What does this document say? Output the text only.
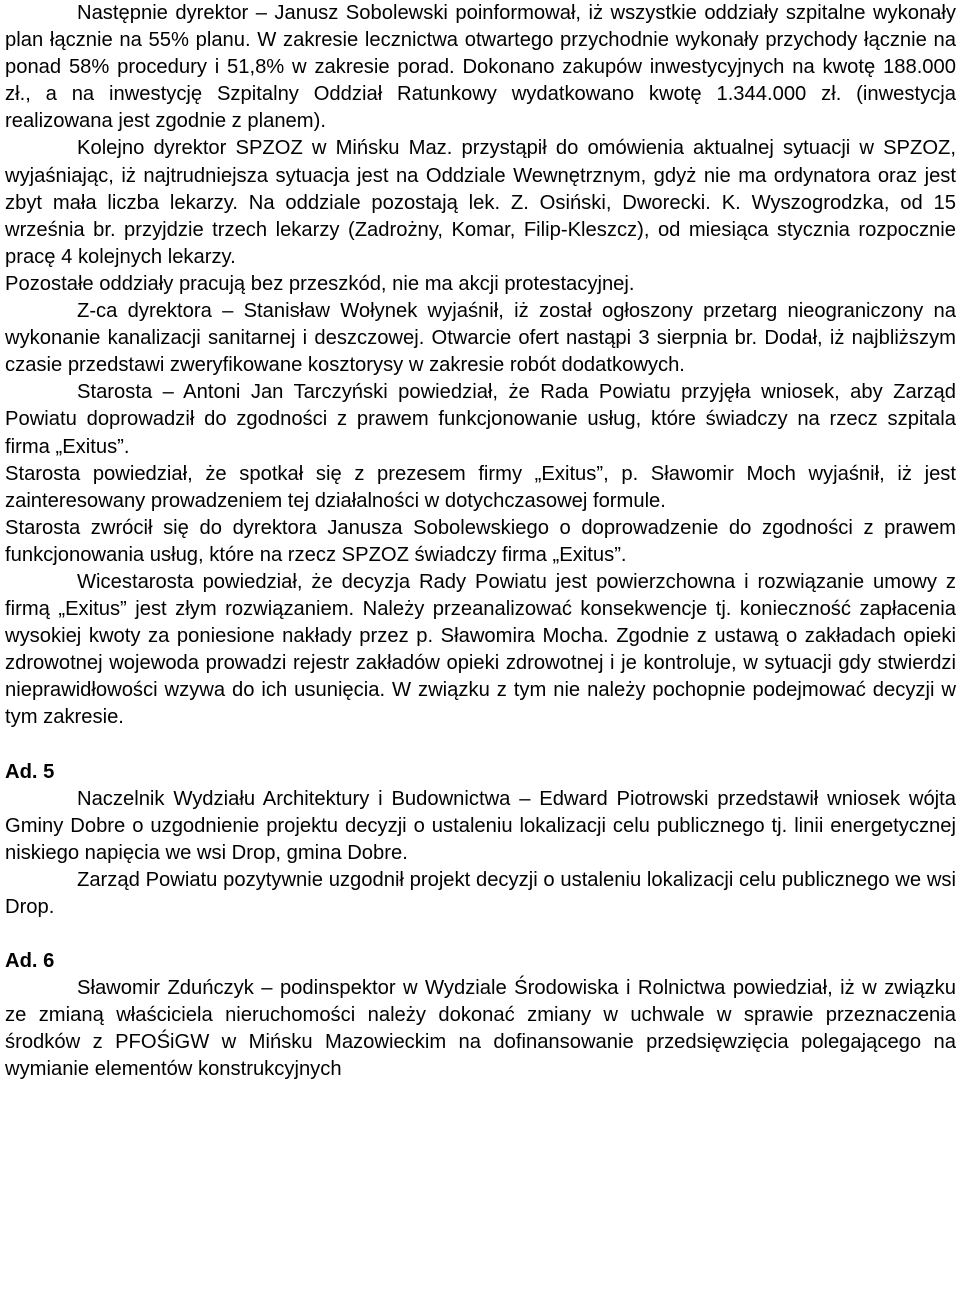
Następnie dyrektor – Janusz Sobolewski poinformował, iż wszystkie oddziały szpitalne wykonały plan łącznie na 55% planu. W zakresie lecznictwa otwartego przychodnie wykonały przychody łącznie na ponad 58% procedury i 51,8% w zakresie porad. Dokonano zakupów inwestycyjnych na kwotę 188.000 zł., a na inwestycję Szpitalny Oddział Ratunkowy wydatkowano kwotę 1.344.000 zł. (inwestycja realizowana jest zgodnie z planem).

Kolejno dyrektor SPZOZ w Mińsku Maz. przystąpił do omówienia aktualnej sytuacji w SPZOZ, wyjaśniając, iż najtrudniejsza sytuacja jest na Oddziale Wewnętrznym, gdyż nie ma ordynatora oraz jest zbyt mała liczba lekarzy. Na oddziale pozostają lek. Z. Osiński, Dworecki. K. Wyszogrodzka, od 15 września br. przyjdzie trzech lekarzy (Zadrożny, Komar, Filip-Kleszcz), od miesiąca stycznia rozpocznie pracę 4 kolejnych lekarzy.

Pozostałe oddziały pracują bez przeszkód, nie ma akcji protestacyjnej.

Z-ca dyrektora – Stanisław Wołynek wyjaśnił, iż został ogłoszony przetarg nieograniczony na wykonanie kanalizacji sanitarnej i deszczowej. Otwarcie ofert nastąpi 3 sierpnia br. Dodał, iż najbliższym czasie przedstawi zweryfikowane kosztorysy w zakresie robót dodatkowych.

Starosta – Antoni Jan Tarczyński powiedział, że Rada Powiatu przyjęła wniosek, aby Zarząd Powiatu doprowadził do zgodności z prawem funkcjonowanie usług, które świadczy na rzecz szpitala firma „Exitus”.

Starosta powiedział, że spotkał się z prezesem firmy „Exitus”, p. Sławomir Moch wyjaśnił, iż jest zainteresowany prowadzeniem tej działalności w dotychczasowej formule.

Starosta zwrócił się do dyrektora Janusza Sobolewskiego o doprowadzenie do zgodności z prawem funkcjonowania usług, które na rzecz SPZOZ świadczy firma „Exitus”.

Wicestarosta powiedział, że decyzja Rady Powiatu jest powierzchowna i rozwiązanie umowy z firmą „Exitus” jest złym rozwiązaniem. Należy przeanalizować konsekwencje tj. konieczność zapłacenia wysokiej kwoty za poniesione nakłady przez p. Sławomira Mocha. Zgodnie z ustawą o zakładach opieki zdrowotnej wojewoda prowadzi rejestr zakładów opieki zdrowotnej i je kontroluje, w sytuacji gdy stwierdzi nieprawidłowości wzywa do ich usunięcia. W związku z tym nie należy pochopnie podejmować decyzji w tym zakresie.

Ad. 5

Naczelnik Wydziału Architektury i Budownictwa – Edward Piotrowski przedstawił wniosek wójta Gminy Dobre o uzgodnienie projektu decyzji o ustaleniu lokalizacji celu publicznego tj. linii energetycznej niskiego napięcia we wsi Drop, gmina Dobre.

Zarząd Powiatu pozytywnie uzgodnił projekt decyzji o ustaleniu lokalizacji celu publicznego we wsi Drop.

Ad. 6

Sławomir Zduńczyk – podinspektor w Wydziale Środowiska i Rolnictwa powiedział, iż w związku ze zmianą właściciela nieruchomości należy dokonać zmiany w uchwale w sprawie przeznaczenia środków z PFOŚiGW w Mińsku Mazowieckim na dofinansowanie przedsięwzięcia polegającego na wymianie elementów konstrukcyjnych
